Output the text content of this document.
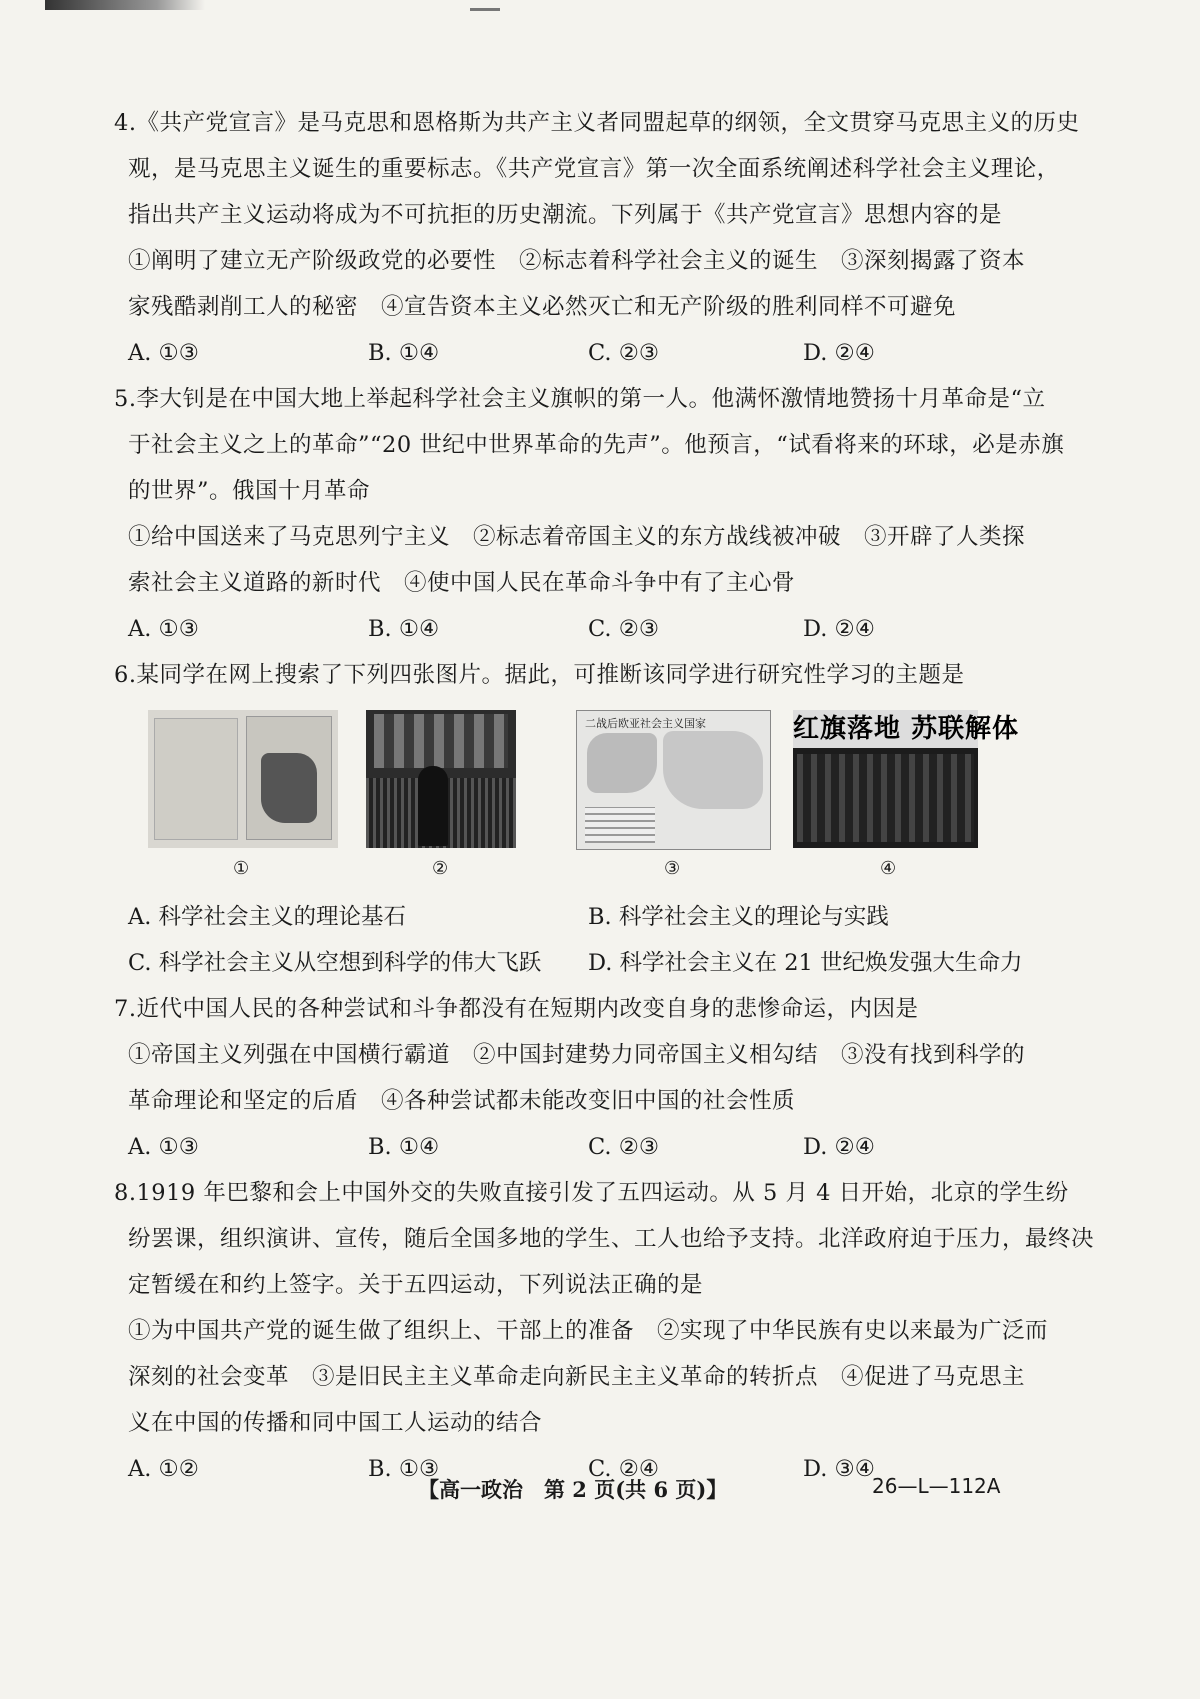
4.《共产党宣言》是马克思和恩格斯为共产主义者同盟起草的纲领，全文贯穿马克思主义的历史
观，是马克思主义诞生的重要标志。《共产党宣言》第一次全面系统阐述科学社会主义理论，
指出共产主义运动将成为不可抗拒的历史潮流。下列属于《共产党宣言》思想内容的是
①阐明了建立无产阶级政党的必要性　②标志着科学社会主义的诞生　③深刻揭露了资本
家残酷剥削工人的秘密　④宣告资本主义必然灭亡和无产阶级的胜利同样不可避免
A. ①③	B. ①④	C. ②③	D. ②④
5.李大钊是在中国大地上举起科学社会主义旗帜的第一人。他满怀激情地赞扬十月革命是“立
于社会主义之上的革命”“20 世纪中世界革命的先声”。他预言，“试看将来的环球，必是赤旗
的世界”。俄国十月革命
①给中国送来了马克思列宁主义　②标志着帝国主义的东方战线被冲破　③开辟了人类探
索社会主义道路的新时代　④使中国人民在革命斗争中有了主心骨
A. ①③	B. ①④	C. ②③	D. ②④
6.某同学在网上搜索了下列四张图片。据此，可推断该同学进行研究性学习的主题是
二战后欧亚社会主义国家	红旗落地 苏联解体
①	②	③	④
A. 科学社会主义的理论基石	B. 科学社会主义的理论与实践
C. 科学社会主义从空想到科学的伟大飞跃	D. 科学社会主义在 21 世纪焕发强大生命力
7.近代中国人民的各种尝试和斗争都没有在短期内改变自身的悲惨命运，内因是
①帝国主义列强在中国横行霸道　②中国封建势力同帝国主义相勾结　③没有找到科学的
革命理论和坚定的后盾　④各种尝试都未能改变旧中国的社会性质
A. ①③	B. ①④	C. ②③	D. ②④
8.1919 年巴黎和会上中国外交的失败直接引发了五四运动。从 5 月 4 日开始，北京的学生纷
纷罢课，组织演讲、宣传，随后全国多地的学生、工人也给予支持。北洋政府迫于压力，最终决
定暂缓在和约上签字。关于五四运动，下列说法正确的是
①为中国共产党的诞生做了组织上、干部上的准备　②实现了中华民族有史以来最为广泛而
深刻的社会变革　③是旧民主主义革命走向新民主主义革命的转折点　④促进了马克思主
义在中国的传播和同中国工人运动的结合
A. ①②	B. ①③	C. ②④	D. ③④
【高一政治　第 2 页(共 6 页)】	26—L—112A
